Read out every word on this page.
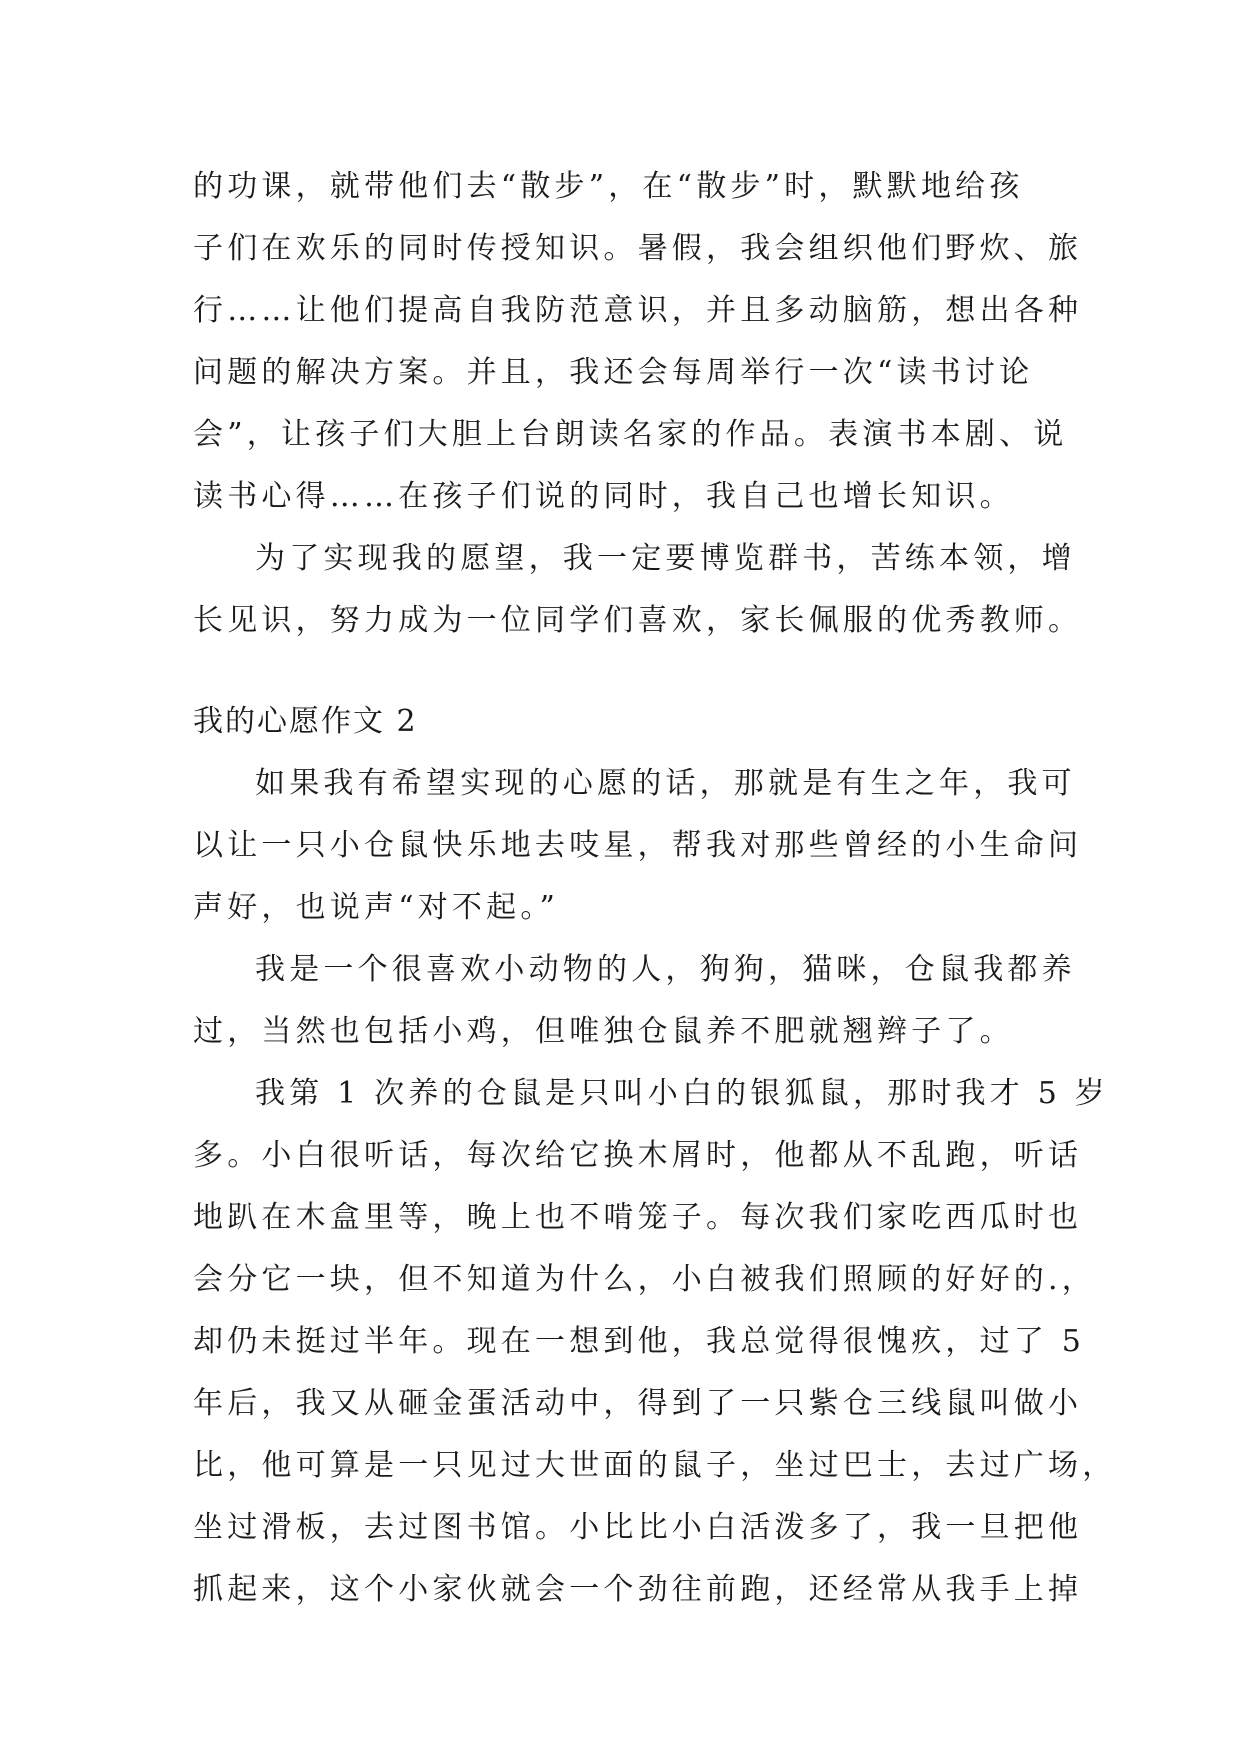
的功课，就带他们去“散步”，在“散步”时，默默地给孩
子们在欢乐的同时传授知识。暑假，我会组织他们野炊、旅
行……让他们提高自我防范意识，并且多动脑筋，想出各种
问题的解决方案。并且，我还会每周举行一次“读书讨论
会”，让孩子们大胆上台朗读名家的作品。表演书本剧、说
读书心得……在孩子们说的同时，我自己也增长知识。
为了实现我的愿望，我一定要博览群书，苦练本领，增
长见识，努力成为一位同学们喜欢，家长佩服的优秀教师。
我的心愿作文 2
如果我有希望实现的心愿的话，那就是有生之年，我可
以让一只小仓鼠快乐地去吱星，帮我对那些曾经的小生命问
声好，也说声“对不起。”
我是一个很喜欢小动物的人，狗狗，猫咪，仓鼠我都养
过，当然也包括小鸡，但唯独仓鼠养不肥就翘辫子了。
我第 1 次养的仓鼠是只叫小白的银狐鼠，那时我才 5 岁
多。小白很听话，每次给它换木屑时，他都从不乱跑，听话
地趴在木盒里等，晚上也不啃笼子。每次我们家吃西瓜时也
会分它一块，但不知道为什么，小白被我们照顾的好好的.，
却仍未挺过半年。现在一想到他，我总觉得很愧疚，过了 5
年后，我又从砸金蛋活动中，得到了一只紫仓三线鼠叫做小
比，他可算是一只见过大世面的鼠子，坐过巴士，去过广场，
坐过滑板，去过图书馆。小比比小白活泼多了，我一旦把他
抓起来，这个小家伙就会一个劲往前跑，还经常从我手上掉
